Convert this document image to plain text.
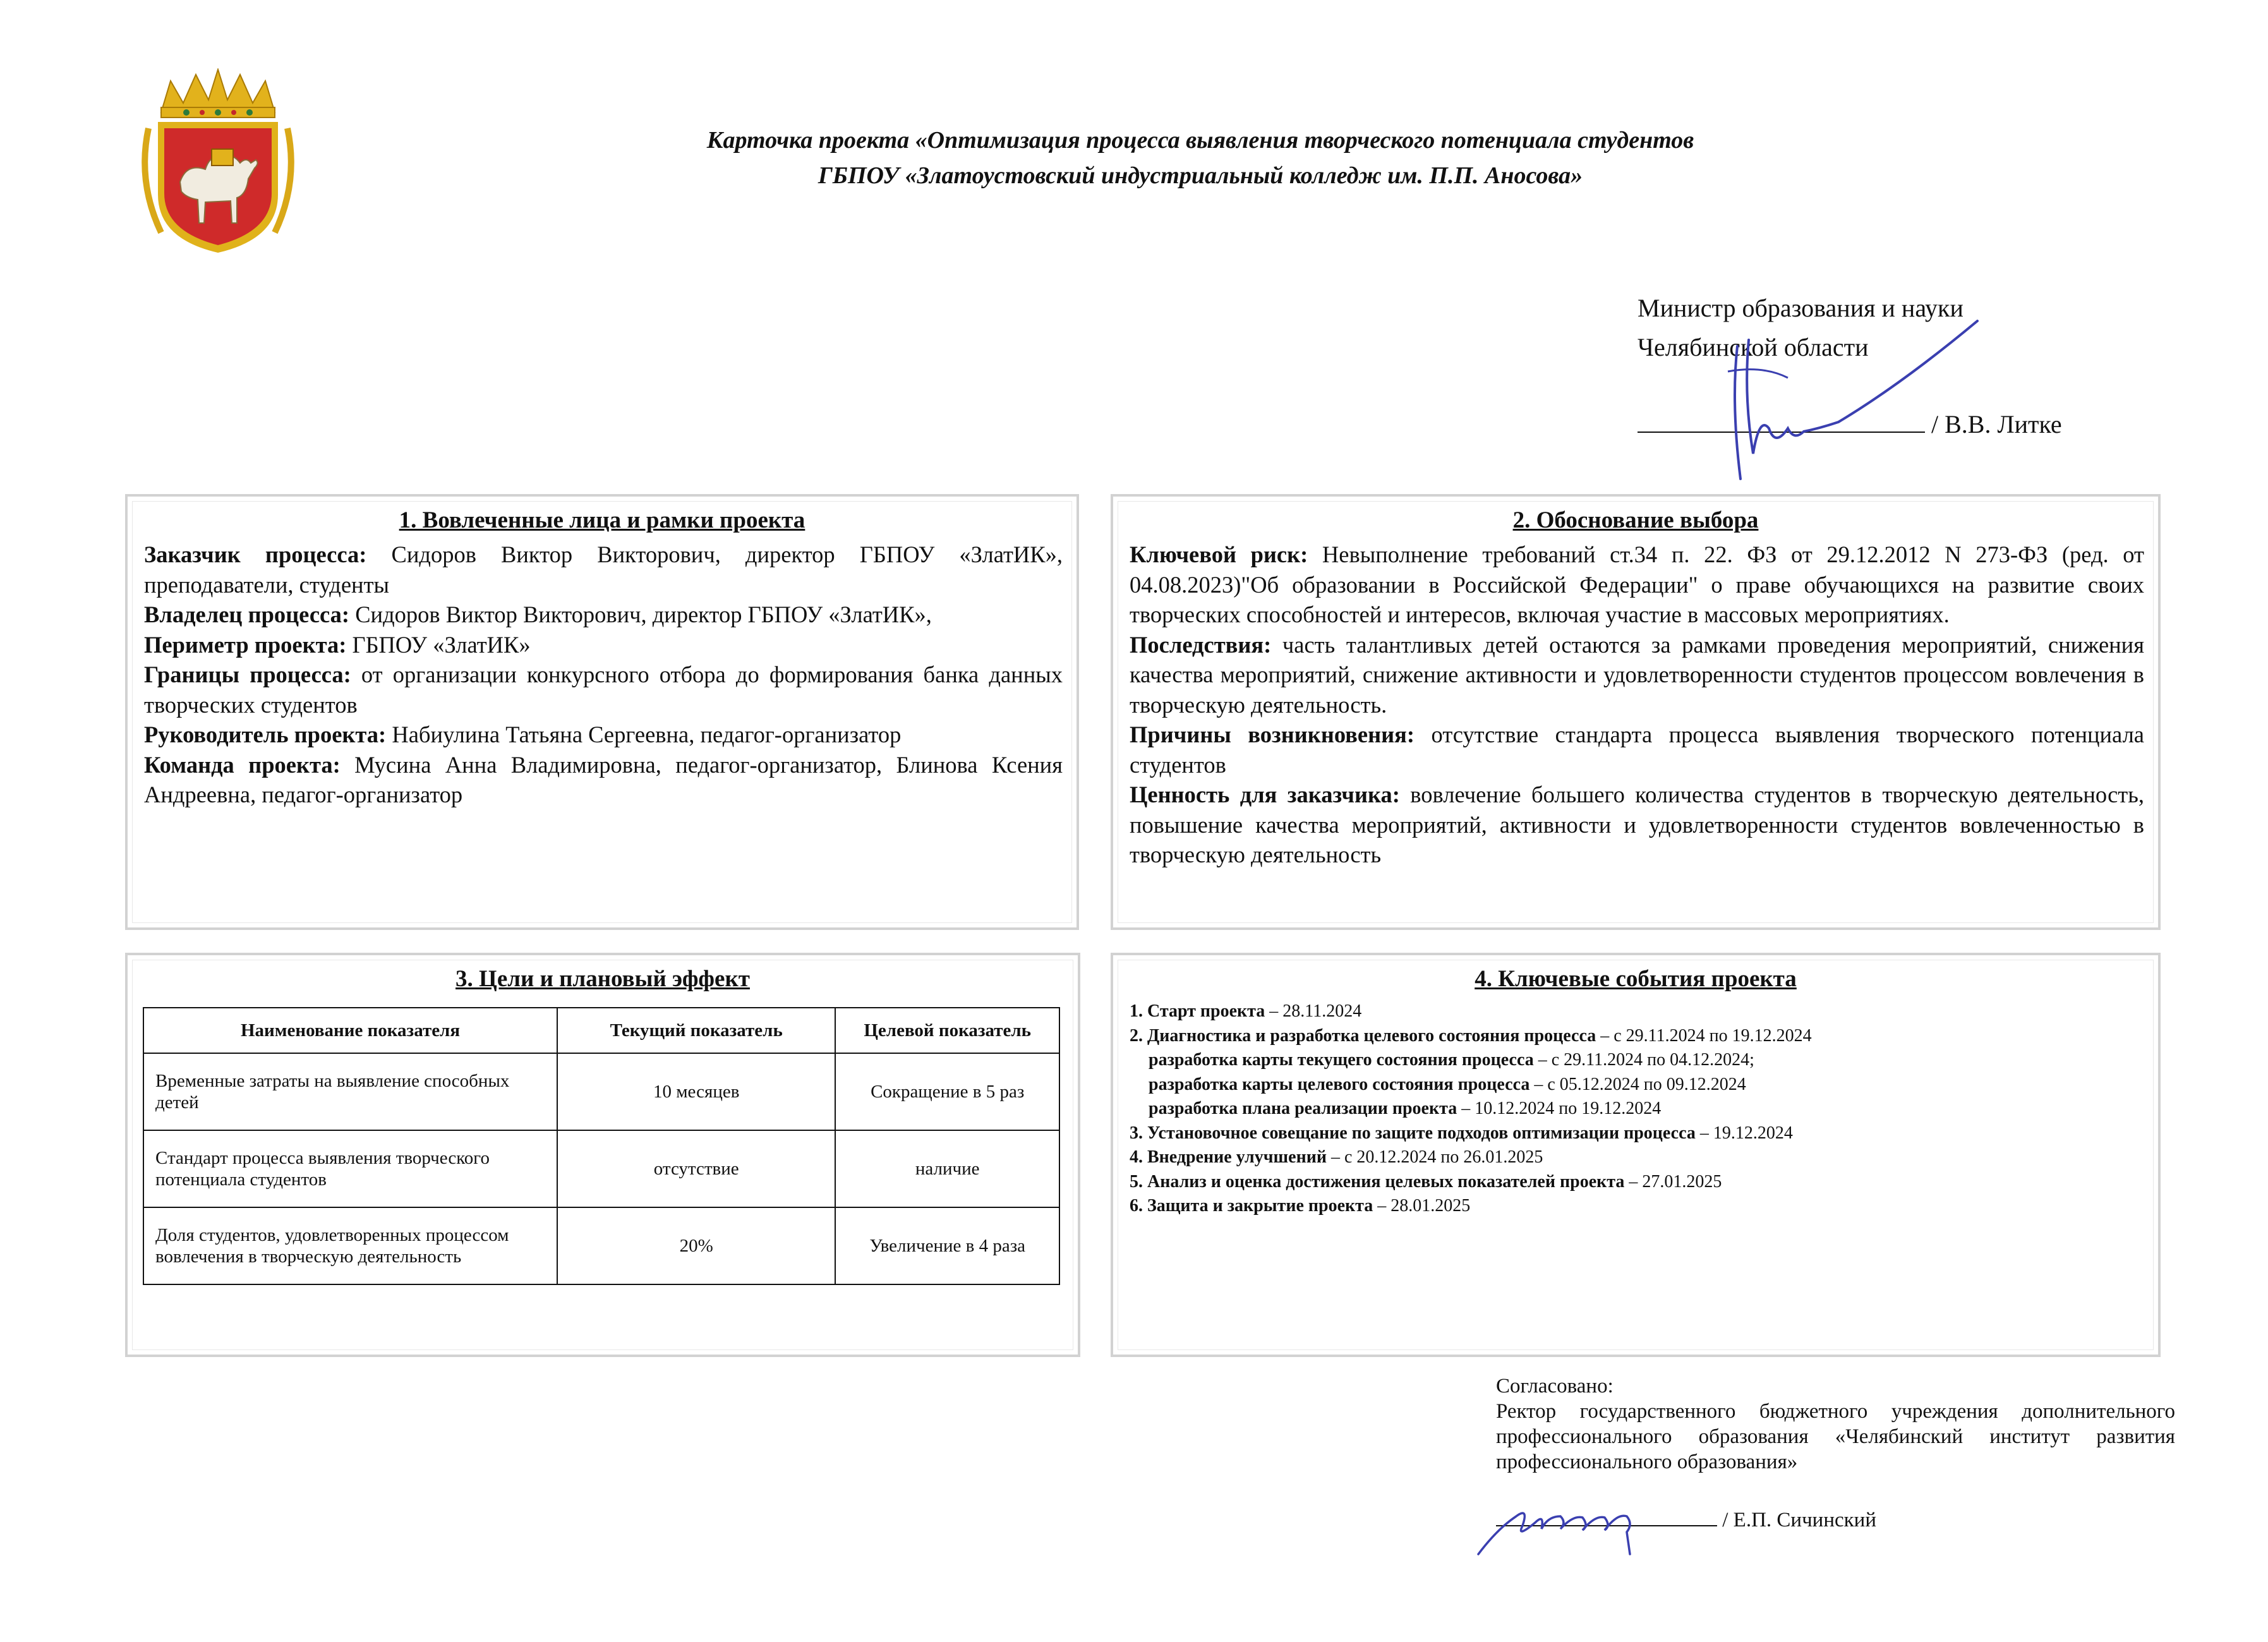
Карточка проекта «Оптимизация процесса выявления творческого потенциала студентов
ГБПОУ «Златоустовский индустриальный колледж им. П.П. Аносова»
Министр образования и науки
Челябинской области
/ В.В. Литке
1. Вовлеченные лица и рамки проекта

Заказчик процесса: Сидоров Виктор Викторович, директор ГБПОУ «ЗлатИК», преподаватели, студенты

Владелец процесса: Сидоров Виктор Викторович, директор ГБПОУ «ЗлатИК»,

Периметр проекта: ГБПОУ «ЗлатИК»

Границы процесса: от организации конкурсного отбора до формирования банка данных творческих студентов

Руководитель проекта: Набиулина Татьяна Сергеевна, педагог-организатор

Команда проекта: Мусина Анна Владимировна, педагог-организатор, Блинова Ксения Андреевна, педагог-организатор

2. Обоснование выбора

Ключевой риск: Невыполнение требований ст.34 п. 22. ФЗ от 29.12.2012 N 273-ФЗ (ред. от 04.08.2023)"Об образовании в Российской Федерации" о праве обучающихся на развитие своих творческих способностей и интересов, включая участие в массовых мероприятиях.

Последствия: часть талантливых детей остаются за рамками проведения мероприятий, снижения качества мероприятий, снижение активности и удовлетворенности студентов процессом вовлечения в творческую деятельность.

Причины возникновения: отсутствие стандарта процесса выявления творческого потенциала студентов

Ценность для заказчика: вовлечение большего количества студентов в творческую деятельность, повышение качества мероприятий, активности и удовлетворенности студентов вовлеченностью в творческую деятельность

3. Цели и плановый эффект
Наименование показателя	Текущий показатель	Целевой показатель
Временные затраты на выявление способных детей	10 месяцев	Сокращение в 5 раз
Стандарт процесса выявления творческого потенциала студентов	отсутствие	наличие
Доля студентов, удовлетворенных процессом вовлечения в творческую деятельность	20%	Увеличение в 4 раза
4. Ключевые события проекта
1. Старт проекта – 28.11.2024
2. Диагностика и разработка целевого состояния процесса – с 29.11.2024 по 19.12.2024
разработка карты текущего состояния процесса – с 29.11.2024 по 04.12.2024;
разработка карты целевого состояния процесса – с 05.12.2024 по 09.12.2024
разработка плана реализации проекта – 10.12.2024 по 19.12.2024
3. Установочное совещание по защите подходов оптимизации процесса – 19.12.2024
4. Внедрение улучшений – с 20.12.2024 по 26.01.2025
5. Анализ и оценка достижения целевых показателей проекта – 27.01.2025
6. Защита и закрытие проекта – 28.01.2025
Согласовано:
Ректор государственного бюджетного учреждения дополнительного профессионального образования «Челябинский институт развития профессионального образования»
/ Е.П. Сичинский
